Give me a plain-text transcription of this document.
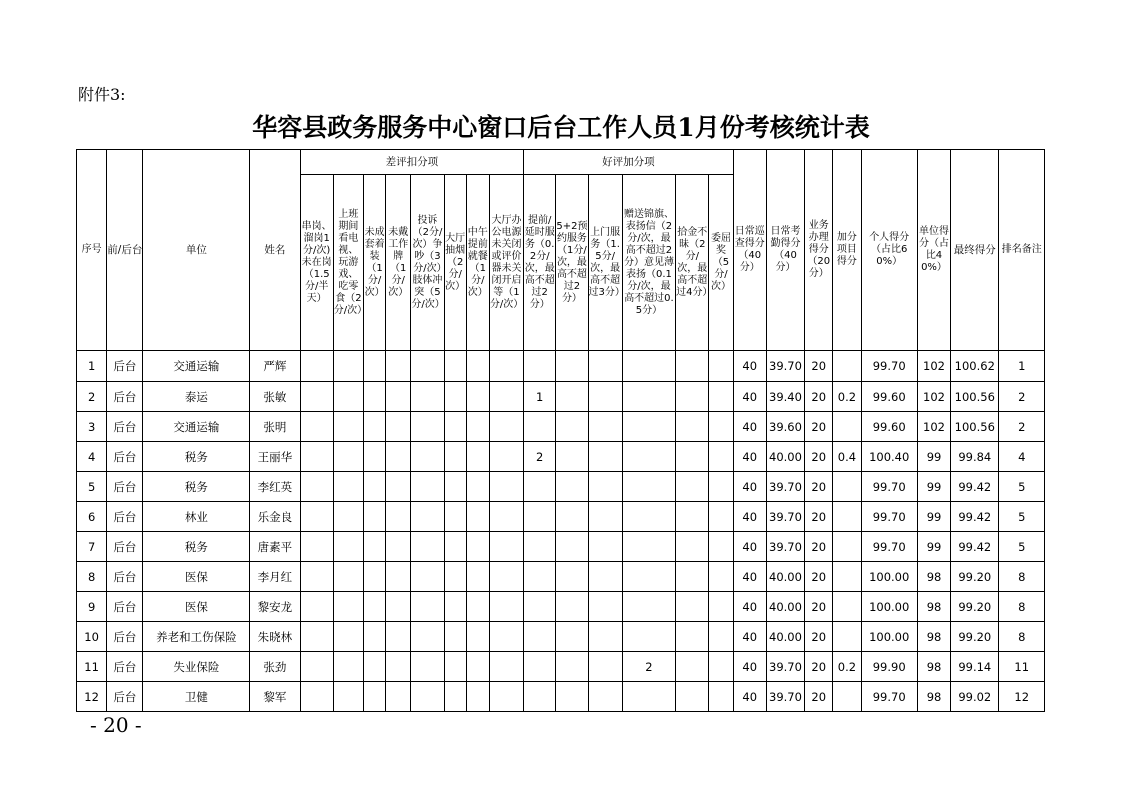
附件3:
华容县政务服务中心窗口后台工作人员1月份考核统计表
序号	前/后台	单位	姓名	差评扣分项								好评加分项						日常巡查得分（40分）	日常考勤得分（40分）	业务办理得分（20分）	加分项目得分	个人得分（占比60%）	单位得分（占比40%）	最终得分	排名备注
				串岗、溜岗1分/次)未在岗（1.5分/半天）	上班期间看电视、玩游戏、吃零食（2分/次）	未成套着装（1分/次）	未戴工作牌（1分/次）	投诉（2分/次）争吵（3分/次）肢体冲突（5分/次）	大厅抽烟（2分/次）	中午提前就餐（1分/次）	大厅办公电源未关闭或评价器未关闭开启等（1分/次）	提前/延时服务（0.2分/次，最高不超过2分）	5+2预约服务（1分/次，最高不超过2分）	上门服务（1.5分/次，最高不超过3分）	赠送锦旗、表扬信（2分/次，最高不超过2分）意见薄表扬（0.1分/次，最高不超过0.5分）	拾金不昧（2分/次，最高不超过4分）	委屈奖（5分/次）								
1	后台	交通运输	严辉															40	39.70	20		99.70	102	100.62	1
2	后台	泰运	张敏									1						40	39.40	20	0.2	99.60	102	100.56	2
3	后台	交通运输	张明															40	39.60	20		99.60	102	100.56	2
4	后台	税务	王丽华									2						40	40.00	20	0.4	100.40	99	99.84	4
5	后台	税务	李红英															40	39.70	20		99.70	99	99.42	5
6	后台	林业	乐金良															40	39.70	20		99.70	99	99.42	5
7	后台	税务	唐素平															40	39.70	20		99.70	99	99.42	5
8	后台	医保	李月红															40	40.00	20		100.00	98	99.20	8
9	后台	医保	黎安龙															40	40.00	20		100.00	98	99.20	8
10	后台	养老和工伤保险	朱晓林															40	40.00	20		100.00	98	99.20	8
11	后台	失业保险	张劲												2			40	39.70	20	0.2	99.90	98	99.14	11
12	后台	卫健	黎军															40	39.70	20		99.70	98	99.02	12
- 20 -
